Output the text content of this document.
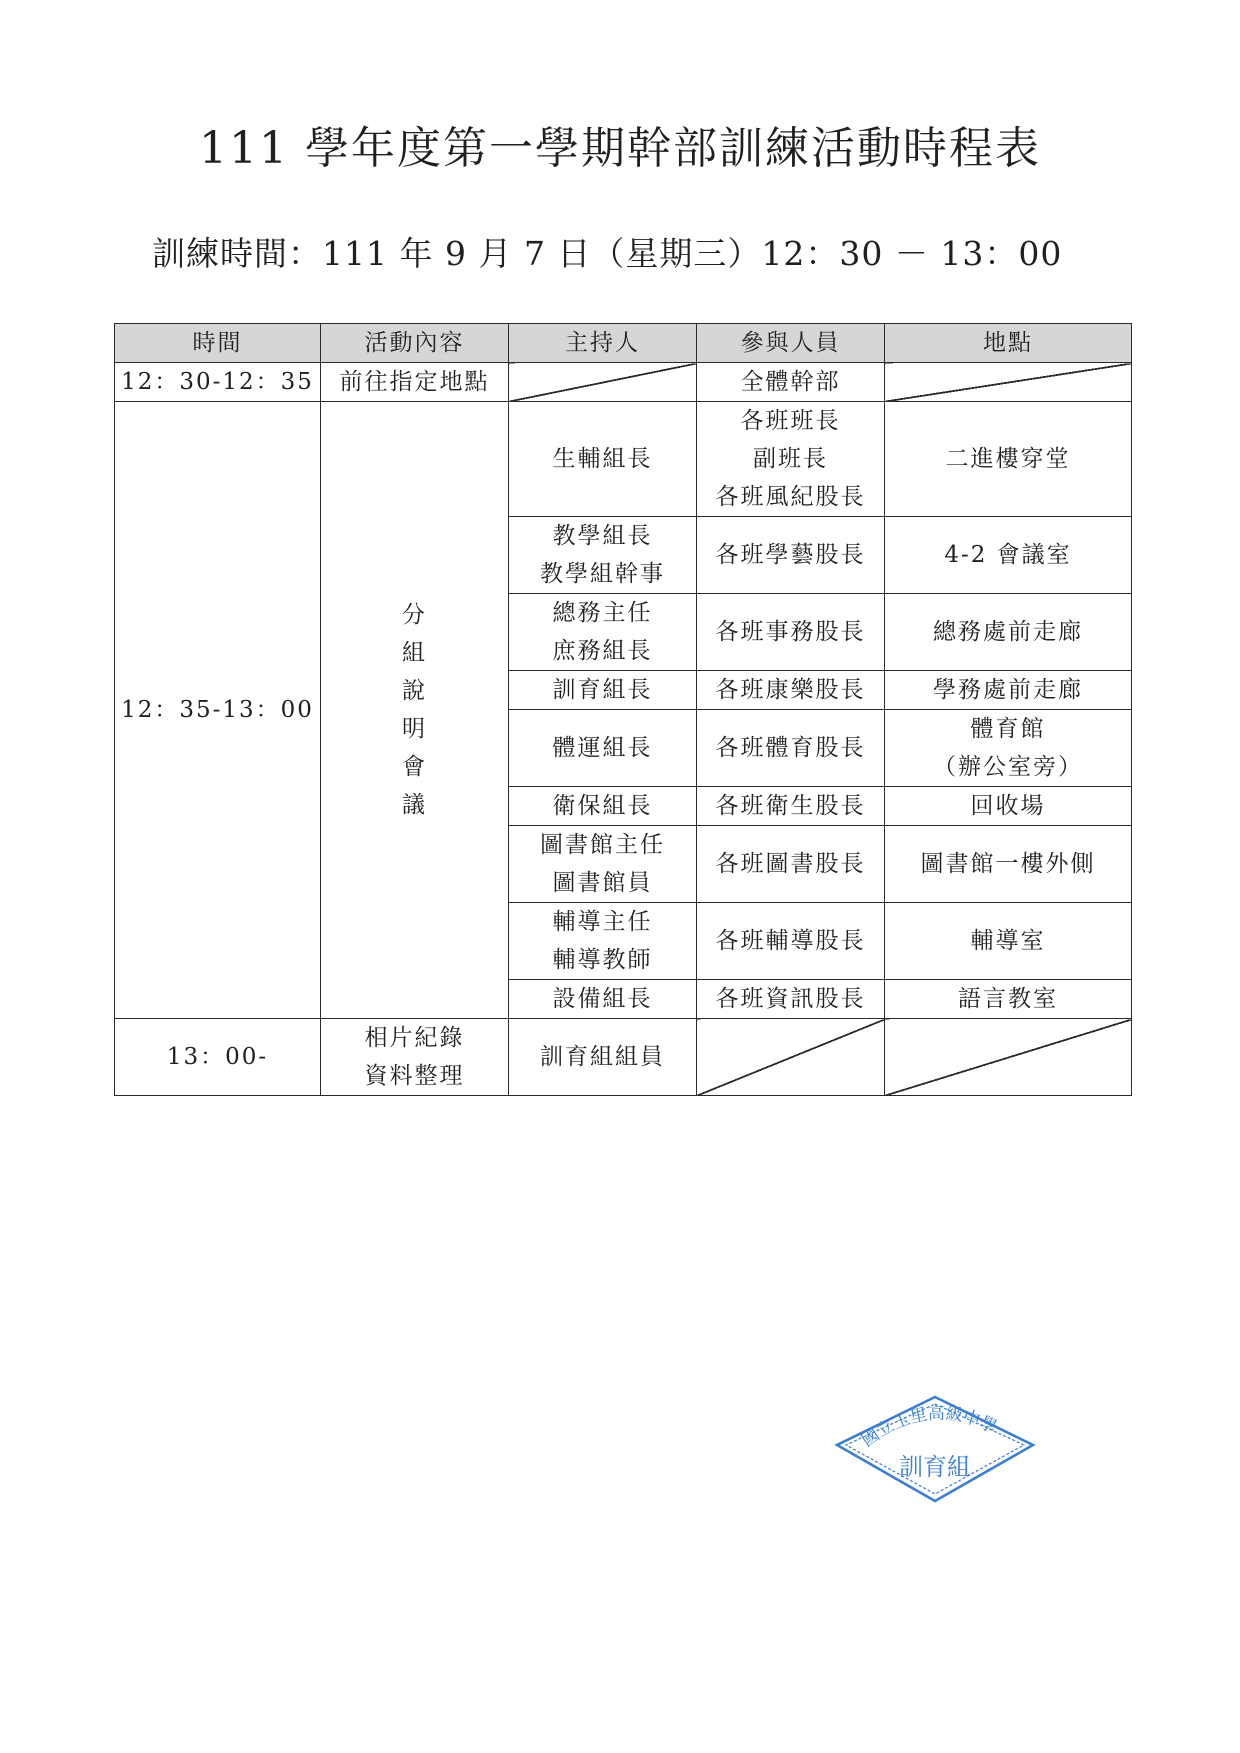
111 學年度第一學期幹部訓練活動時程表
訓練時間：111 年 9 月 7 日（星期三）12：30 － 13：00
時間	活動內容	主持人	參與人員	地點
12：30-12：35	前往指定地點		全體幹部	
12：35-13：00	分組說明會議	生輔組長	各班班長
副班長
各班風紀股長	二進樓穿堂

		教學組長
教學組幹事	各班學藝股長	4-2 會議室

		總務主任
庶務組長	各班事務股長	總務處前走廊

		訓育組長	各班康樂股長	學務處前走廊

		體運組長	各班體育股長	體育館
（辦公室旁）

		衛保組長	各班衛生股長	回收場

		圖書館主任
圖書館員	各班圖書股長	圖書館一樓外側

		輔導主任
輔導教師	各班輔導股長	輔導室

		設備組長	各班資訊股長	語言教室

13：00-	相片紀錄
資料整理	訓育組組員		
國立玉里高級中學
訓育組
